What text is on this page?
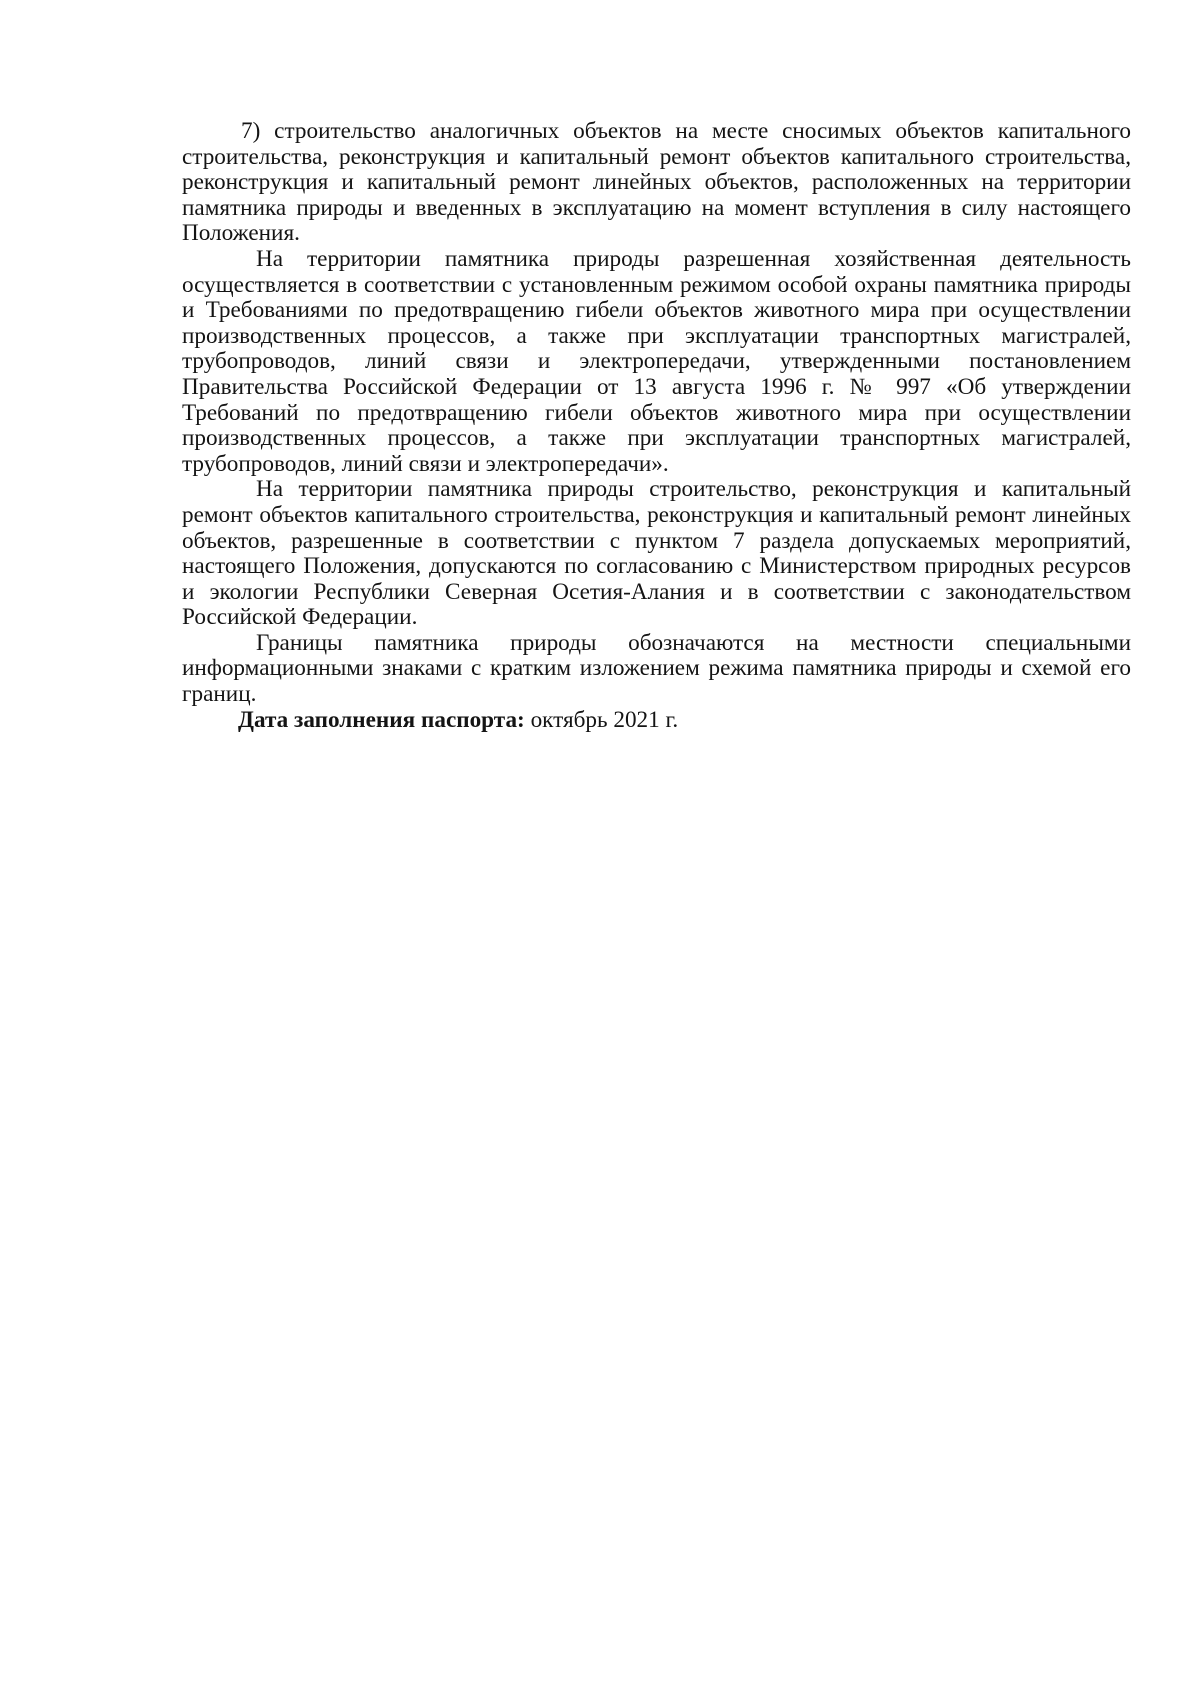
7) строительство аналогичных объектов на месте сносимых объектов капитального строительства, реконструкция и капитальный ремонт объектов капитального строительства, реконструкция и капитальный ремонт линейных объектов, расположенных на территории памятника природы и введенных в эксплуатацию на момент вступления в силу настоящего Положения.

На территории памятника природы разрешенная хозяйственная деятельность осуществляется в соответствии с установленным режимом особой охраны памятника природы и Требованиями по предотвращению гибели объектов животного мира при осуществлении производственных процессов, а также при эксплуатации транспортных магистралей, трубопроводов, линий связи и электропередачи, утвержденными постановлением Правительства Российской Федерации от 13 августа 1996 г. № 997 «Об утверждении Требований по предотвращению гибели объектов животного мира при осуществлении производственных процессов, а также при эксплуатации транспортных магистралей, трубопроводов, линий связи и электропередачи».

На территории памятника природы строительство, реконструкция и капитальный ремонт объектов капитального строительства, реконструкция и капитальный ремонт линейных объектов, разрешенные в соответствии с пунктом 7 раздела допускаемых мероприятий, настоящего Положения, допускаются по согласованию с Министерством природных ресурсов и экологии Республики Северная Осетия-Алания и в соответствии с законодательством Российской Федерации.

Границы памятника природы обозначаются на местности специальными информационными знаками с кратким изложением режима памятника природы и схемой его границ.

Дата заполнения паспорта: октябрь 2021 г.
